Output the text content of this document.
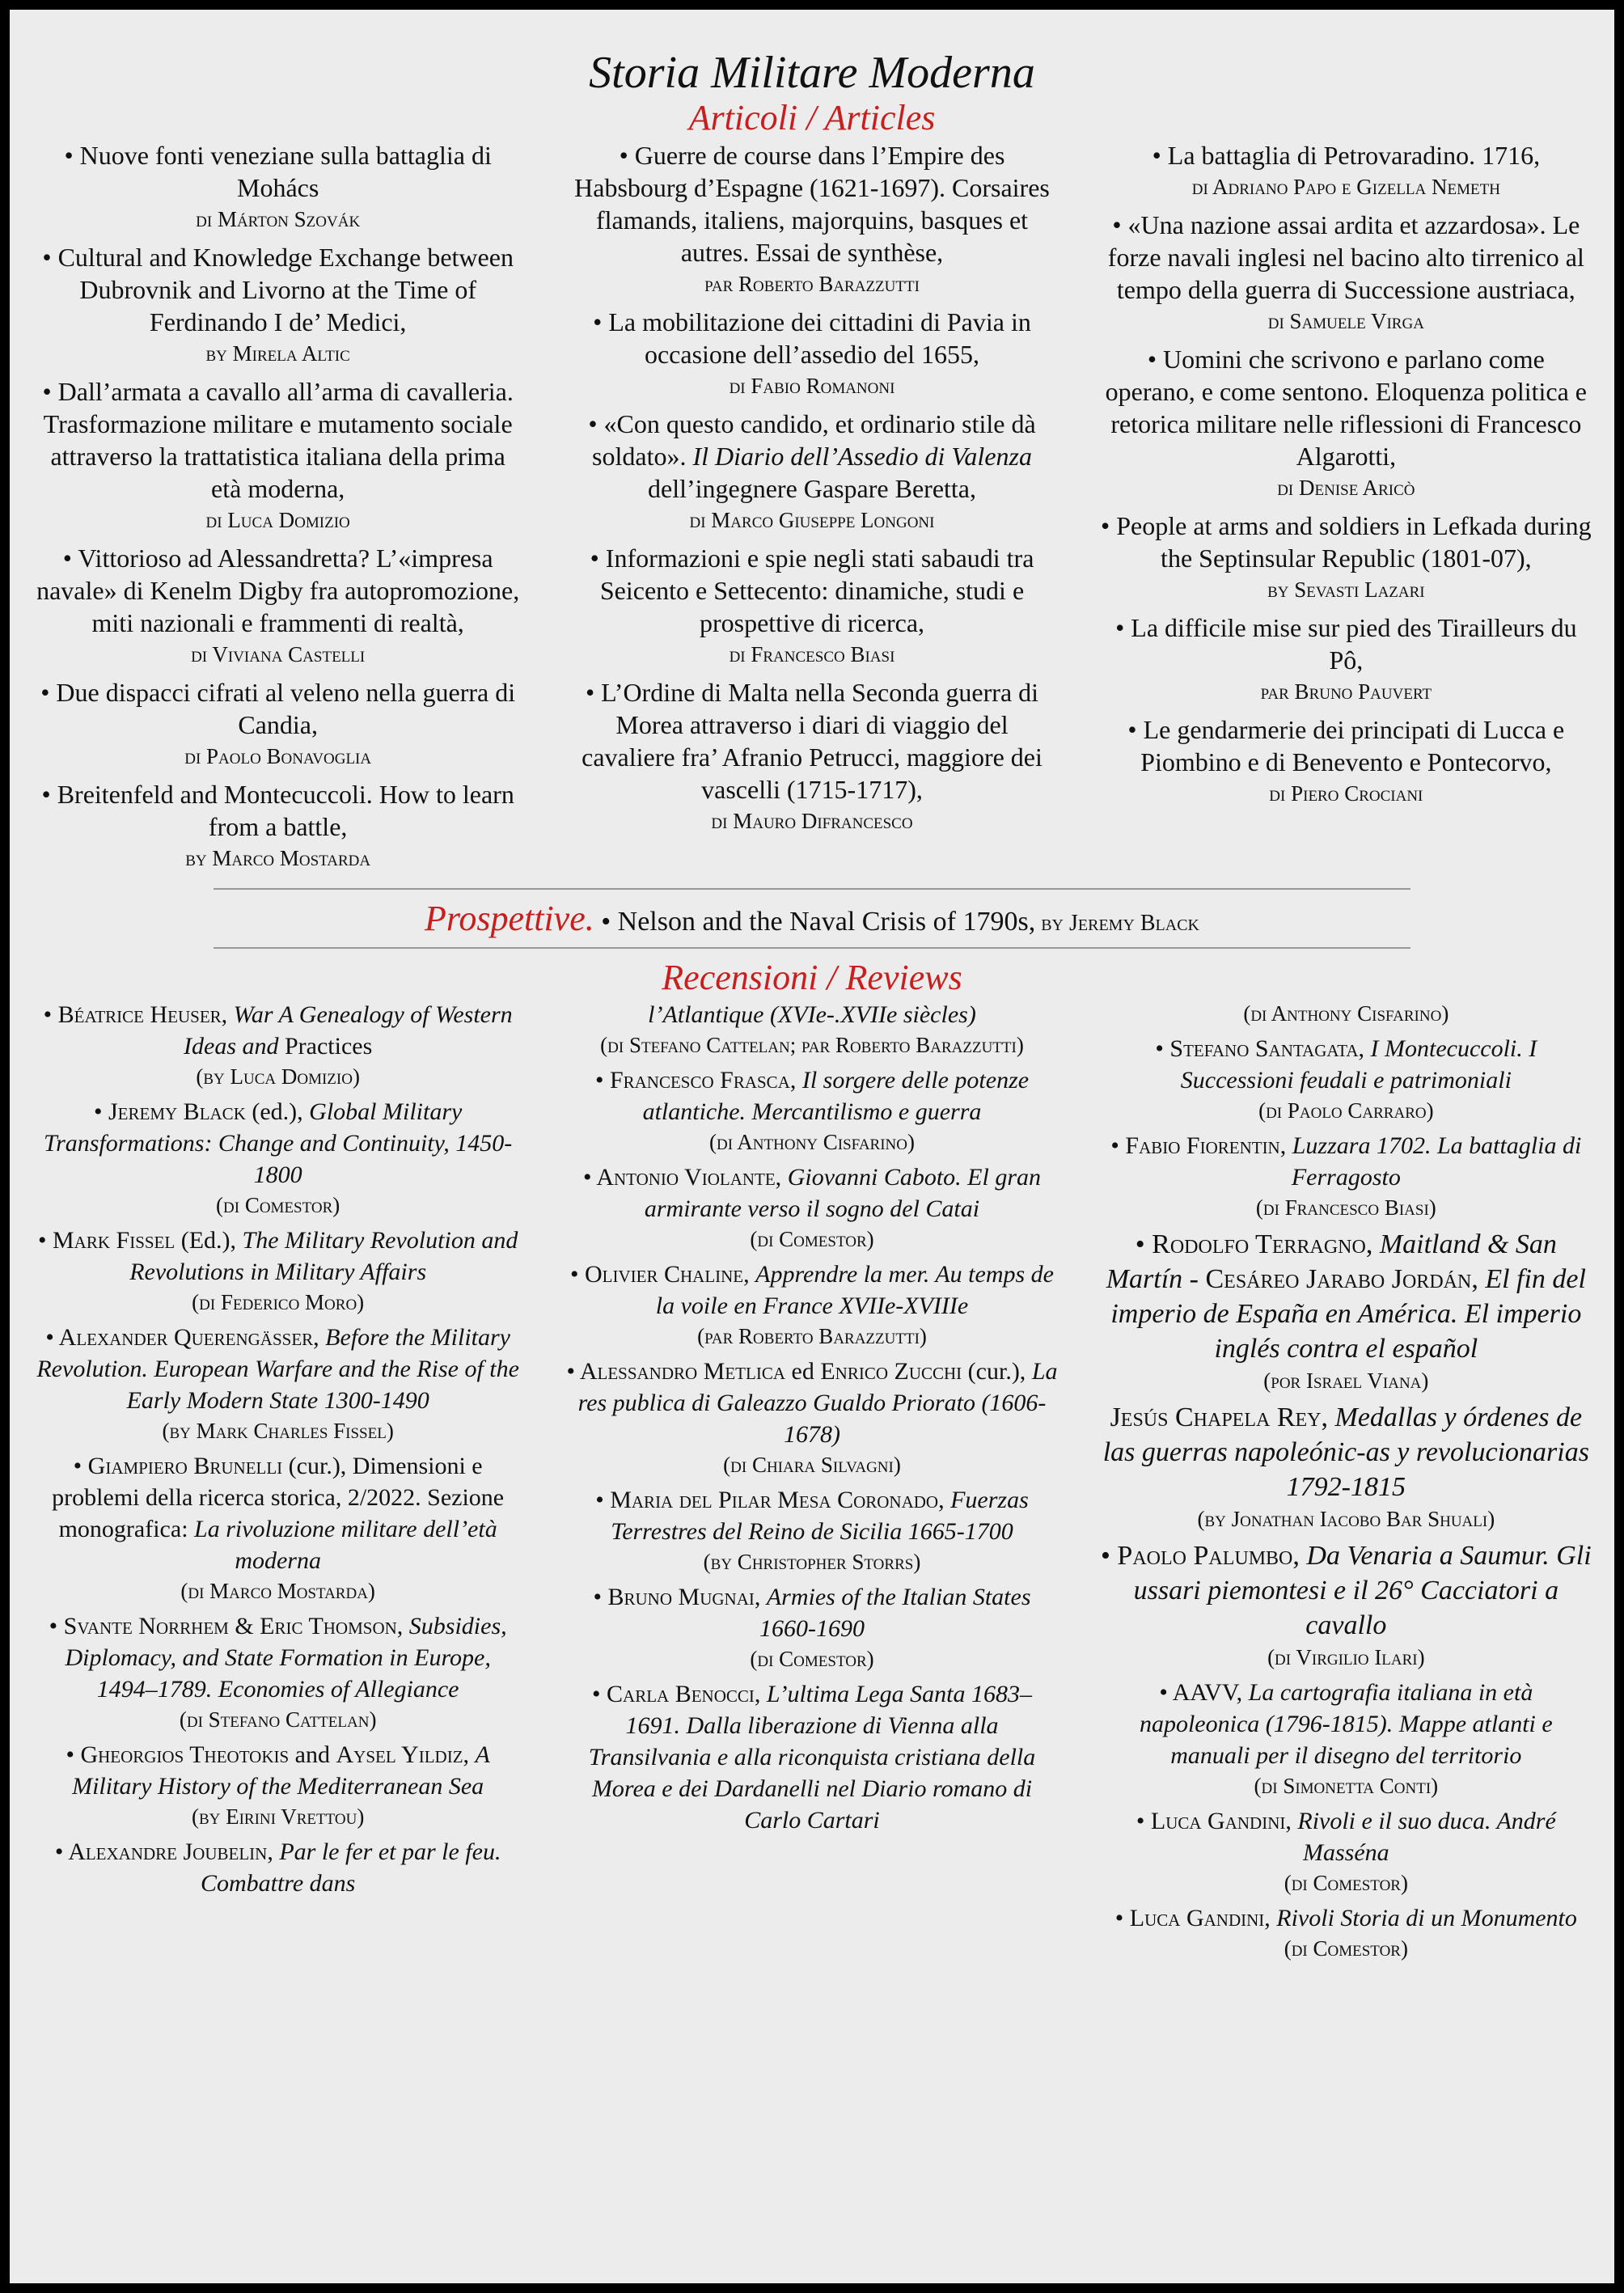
Storia Militare Moderna
Articoli / Articles
• Nuove fonti veneziane sulla battaglia di Mohács
di Márton Szovák
• Cultural and Knowledge Exchange between Dubrovnik and Livorno at the Time of Ferdinando I de’ Medici,
by Mirela Altic
• Dall’armata a cavallo all’arma di cavalleria. Trasformazione militare e mutamento sociale attraverso la trattatistica italiana della prima età moderna,
di Luca Domizio
• Vittorioso ad Alessandretta? L’«impresa navale» di Kenelm Digby fra autopromozione, miti nazionali e frammenti di realtà,
di Viviana Castelli
• Due dispacci cifrati al veleno nella guerra di Candia,
di Paolo Bonavoglia
• Breitenfeld and Montecuccoli. How to learn from a battle,
by Marco Mostarda
• Guerre de course dans l’Empire des Habsbourg d’Espagne (1621-1697). Corsaires flamands, italiens, majorquins, basques et autres. Essai de synthèse,
par Roberto Barazzutti
• La mobilitazione dei cittadini di Pavia in occasione dell’assedio del 1655,
di Fabio Romanoni
• «Con questo candido, et ordinario stile dà soldato». Il Diario dell’Assedio di Valenza dell’ingegnere Gaspare Beretta,
di Marco Giuseppe Longoni
• Informazioni e spie negli stati sabaudi tra Seicento e Settecento: dinamiche, studi e prospettive di ricerca,
di Francesco Biasi
• L’Ordine di Malta nella Seconda guerra di Morea attraverso i diari di viaggio del cavaliere fra’ Afranio Petrucci, maggiore dei vascelli (1715-1717),
di Mauro Difrancesco
• La battaglia di Petrovaradino. 1716,
di Adriano Papo e Gizella Nemeth
• «Una nazione assai ardita et azzardosa». Le forze navali inglesi nel bacino alto tirrenico al tempo della guerra di Successione austriaca,
di Samuele Virga
• Uomini che scrivono e parlano come operano, e come sentono. Eloquenza politica e retorica militare nelle riflessioni di Francesco Algarotti,
di Denise Aricò
• People at arms and soldiers in Lefkada during the Septinsular Republic (1801-07),
by Sevasti Lazari
• La difficile mise sur pied des Tirailleurs du Pô,
par Bruno Pauvert
• Le gendarmerie dei principati di Lucca e Piombino e di Benevento e Pontecorvo,
di Piero Crociani
Prospettive. • Nelson and the Naval Crisis of 1790s, by Jeremy Black
Recensioni / Reviews
• Béatrice Heuser, War A Genealogy of Western Ideas and Practices
(by Luca Domizio)
• Jeremy Black (ed.), Global Military Transformations: Change and Continuity, 1450-1800
(di Comestor)
• Mark Fissel (Ed.), The Military Revolution and Revolutions in Military Affairs
(di Federico Moro)
• Alexander Querengässer, Before the Military Revolution. European Warfare and the Rise of the Early Modern State 1300-1490
(by Mark Charles Fissel)
• Giampiero Brunelli (cur.), Dimensioni e problemi della ricerca storica, 2/2022. Sezione monografica: La rivoluzione militare dell’età moderna
(di Marco Mostarda)
• Svante Norrhem & Eric Thomson, Subsidies, Diplomacy, and State Formation in Europe, 1494–1789. Economies of Allegiance
(di Stefano Cattelan)
• Gheorgios Theotokis and Aysel Yildiz, A Military History of the Mediterranean Sea
(by Eirini Vrettou)
• Alexandre Joubelin, Par le fer et par le feu. Combattre dans
l’Atlantique (XVIe-.XVIIe siècles)
(di Stefano Cattelan; par Roberto Barazzutti)
• Francesco Frasca, Il sorgere delle potenze atlantiche. Mercantilismo e guerra
(di Anthony Cisfarino)
• Antonio Violante, Giovanni Caboto. El gran armirante verso il sogno del Catai
(di Comestor)
• Olivier Chaline, Apprendre la mer. Au temps de la voile en France XVIIe-XVIIIe
(par Roberto Barazzutti)
• Alessandro Metlica ed Enrico Zucchi (cur.), La res publica di Galeazzo Gualdo Priorato (1606-1678)
(di Chiara Silvagni)
• Maria del Pilar Mesa Coronado, Fuerzas Terrestres del Reino de Sicilia 1665-1700
(by Christopher Storrs)
• Bruno Mugnai, Armies of the Italian States 1660-1690
(di Comestor)
• Carla Benocci, L’ultima Lega Santa 1683–1691. Dalla liberazione di Vienna alla Transilvania e alla riconquista cristiana della Morea e dei Dardanelli nel Diario romano di Carlo Cartari
(di Anthony Cisfarino)
• Stefano Santagata, I Montecuccoli. I Successioni feudali e patrimoniali
(di Paolo Carraro)
• Fabio Fiorentin, Luzzara 1702. La battaglia di Ferragosto
(di Francesco Biasi)
• Rodolfo Terragno, Maitland & San Martín - Cesáreo Jarabo Jordán, El fin del imperio de España en América. El imperio inglés contra el español
(por Israel Viana)
Jesús Chapela Rey, Medallas y órdenes de las guerras napoleónic-as y revolucionarias 1792-1815
(by Jonathan Iacobo Bar Shuali)
• Paolo Palumbo, Da Venaria a Saumur. Gli ussari piemontesi e il 26° Cacciatori a cavallo
(di Virgilio Ilari)
• AAVV, La cartografia italiana in età napoleonica (1796-1815). Mappe atlanti e manuali per il disegno del territorio
(di Simonetta Conti)
• Luca Gandini, Rivoli e il suo duca. André Masséna
(di Comestor)
• Luca Gandini, Rivoli Storia di un Monumento
(di Comestor)
